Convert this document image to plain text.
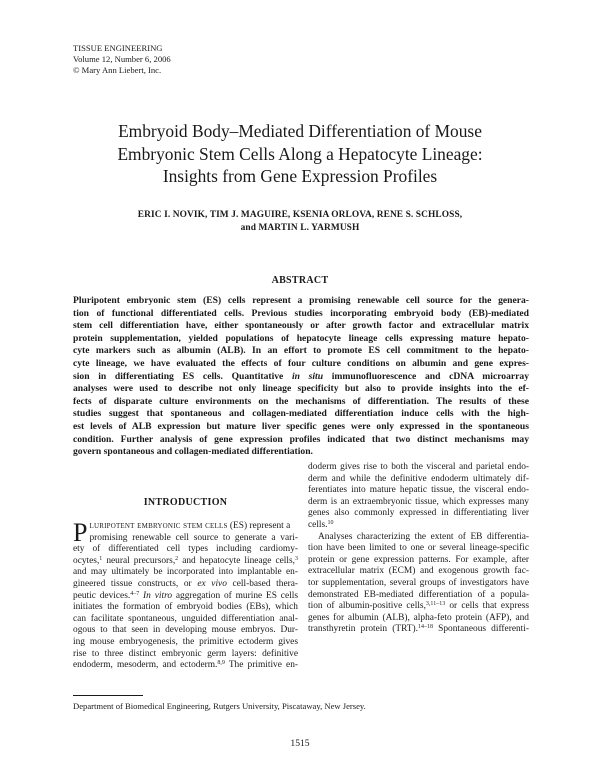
TISSUE ENGINEERING
Volume 12, Number 6, 2006
© Mary Ann Liebert, Inc.
Embryoid Body–Mediated Differentiation of Mouse
Embryonic Stem Cells Along a Hepatocyte Lineage:
Insights from Gene Expression Profiles
ERIC I. NOVIK, TIM J. MAGUIRE, KSENIA ORLOVA, RENE S. SCHLOSS,
and MARTIN L. YARMUSH
ABSTRACT
Pluripotent embryonic stem (ES) cells represent a promising renewable cell source for the genera-
tion of functional differentiated cells. Previous studies incorporating embryoid body (EB)-mediated
stem cell differentiation have, either spontaneously or after growth factor and extracellular matrix
protein supplementation, yielded populations of hepatocyte lineage cells expressing mature hepato-
cyte markers such as albumin (ALB). In an effort to promote ES cell commitment to the hepato-
cyte lineage, we have evaluated the effects of four culture conditions on albumin and gene expres-
sion in differentiating ES cells. Quantitative in situ immunofluorescence and cDNA microarray
analyses were used to describe not only lineage specificity but also to provide insights into the ef-
fects of disparate culture environments on the mechanisms of differentiation. The results of these
studies suggest that spontaneous and collagen-mediated differentiation induce cells with the high-
est levels of ALB expression but mature liver specific genes were only expressed in the spontaneous
condition. Further analysis of gene expression profiles indicated that two distinct mechanisms may
govern spontaneous and collagen-mediated differentiation.
INTRODUCTION
P luripotent embryonic stem cells (ES) represent a
promising renewable cell source to generate a vari-
ety of differentiated cell types including cardiomy-
ocytes,$^1$ neural precursors,$^2$ and hepatocyte lineage cells,$^3$
and may ultimately be incorporated into implantable en-
gineered tissue constructs, or ex vivo cell-based thera-
peutic devices.$^{4-7}$ In vitro aggregation of murine ES cells
initiates the formation of embryoid bodies (EBs), which
can facilitate spontaneous, unguided differentiation anal-
ogous to that seen in developing mouse embryos. Dur-
ing mouse embryogenesis, the primitive ectoderm gives
rise to three distinct embryonic germ layers: definitive
endoderm, mesoderm, and ectoderm.$^{8,9}$ The primitive en-
doderm gives rise to both the visceral and parietal endo-
derm and while the definitive endoderm ultimately dif-
ferentiates into mature hepatic tissue, the visceral endo-
derm is an extraembryonic tissue, which expresses many
genes also commonly expressed in differentiating liver
cells.$^{10}$
Analyses characterizing the extent of EB differentia-
tion have been limited to one or several lineage-specific
protein or gene expression patterns. For example, after
extracellular matrix (ECM) and exogenous growth fac-
tor supplementation, several groups of investigators have
demonstrated EB-mediated differentiation of a popula-
tion of albumin-positive cells,$^{3,11-13}$ or cells that express
genes for albumin (ALB), alpha-feto protein (AFP), and
transthyretin protein (TRT).$^{14-18}$ Spontaneous differenti-
Department of Biomedical Engineering, Rutgers University, Piscataway, New Jersey.
1515
